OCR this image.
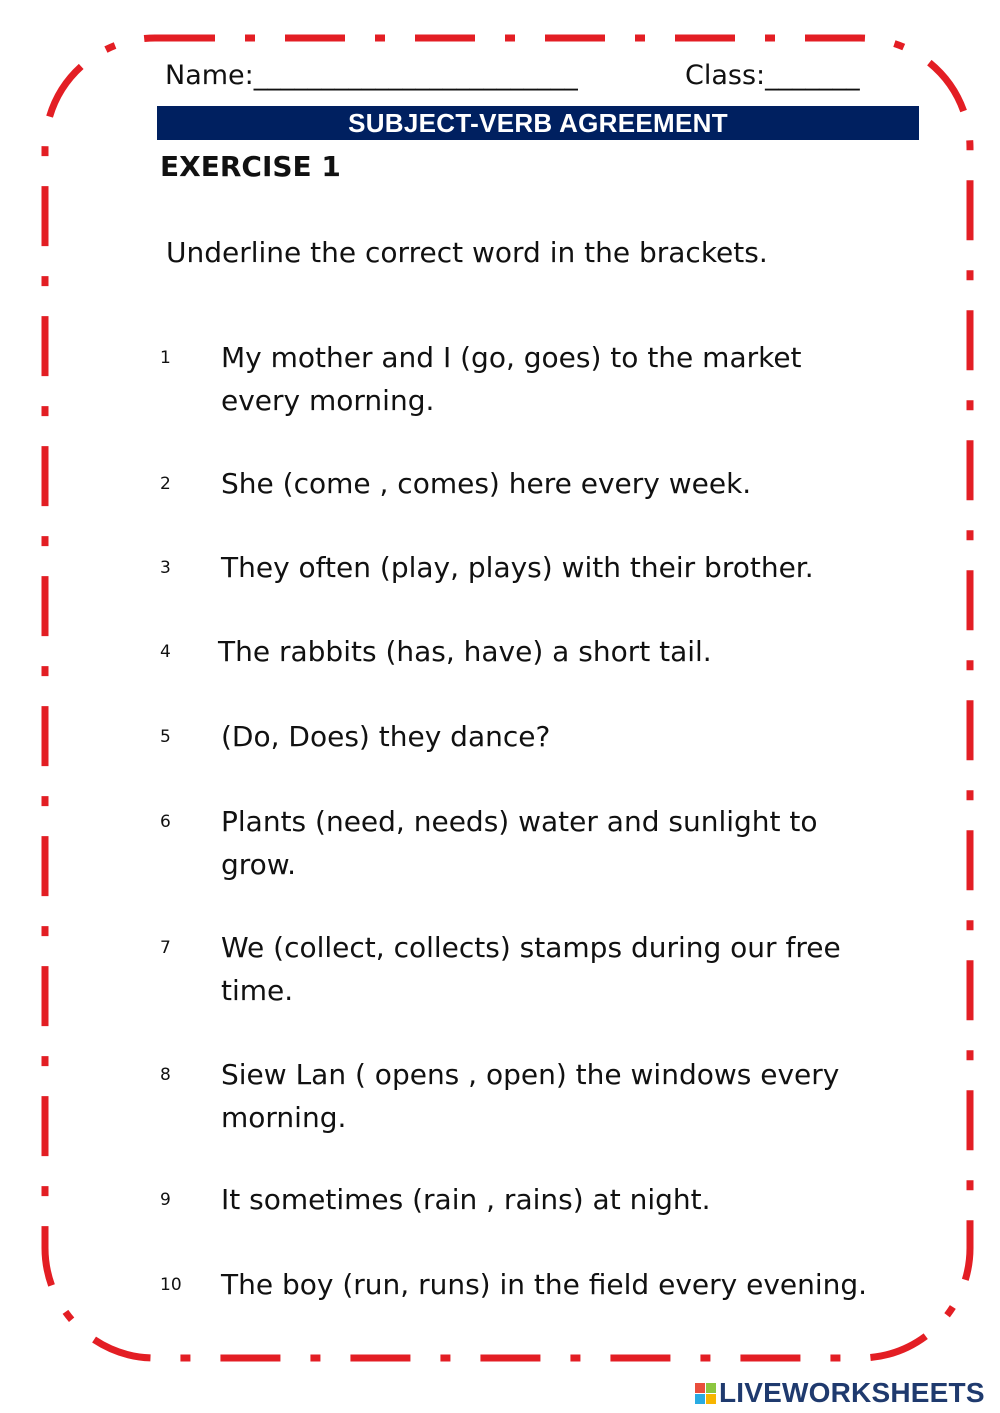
Name:________________________	Class:_______
SUBJECT-VERB AGREEMENT
EXERCISE 1
Underline the correct word in the brackets.
1	My mother and I (go, goes) to the market every morning.
2	She (come , comes) here every week.
3	They often (play, plays) with their brother.
4	The rabbits (has, have) a short tail.
5	(Do, Does) they dance?
6	Plants (need, needs) water and sunlight to grow.
7	We (collect, collects) stamps during our free time.
8	Siew Lan ( opens , open) the windows every morning.
9	It sometimes (rain , rains) at night.
10	The boy (run, runs) in the field every evening.
LIVEWORKSHEETS
